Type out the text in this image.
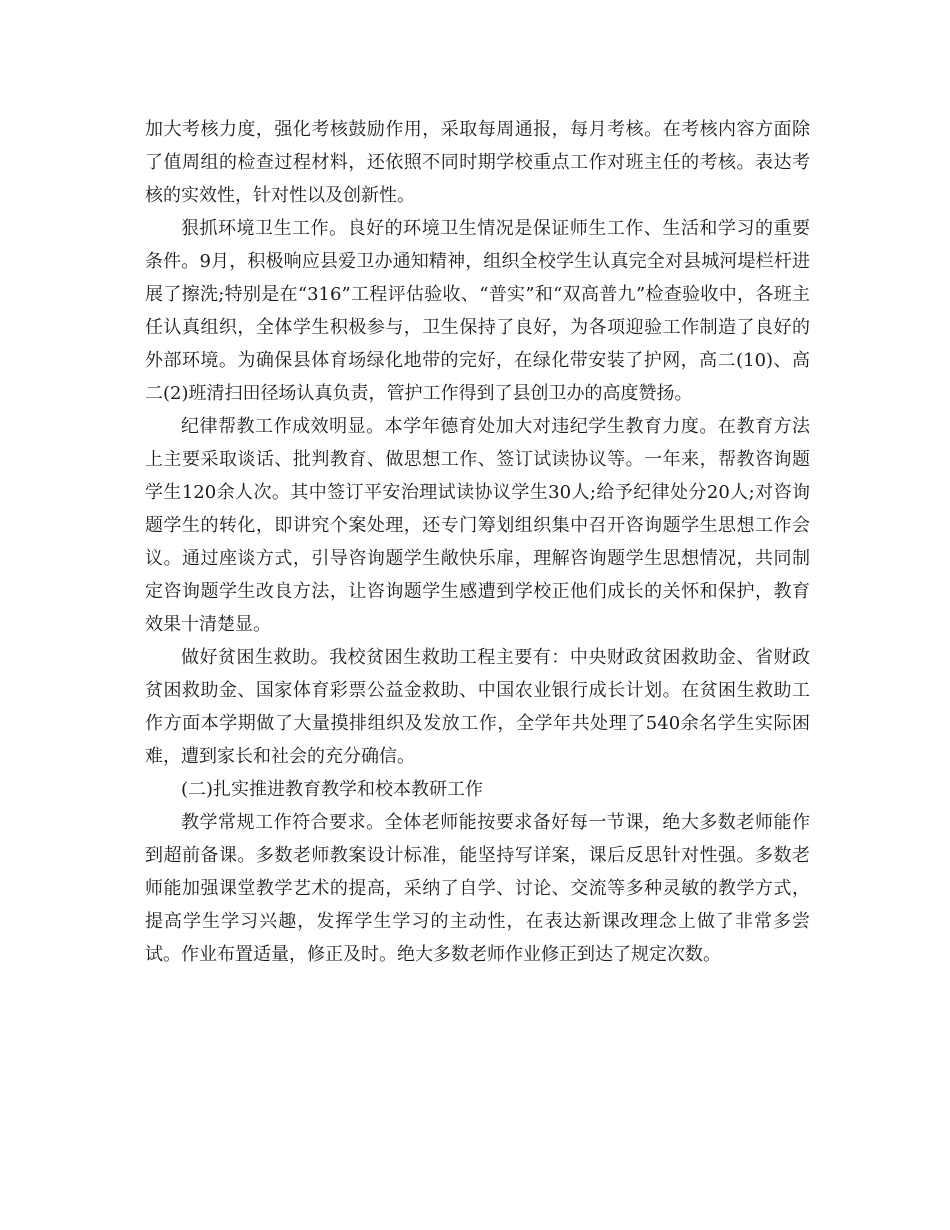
加大考核力度，强化考核鼓励作用，采取每周通报，每月考核。在考核内容方面除了值周组的检查过程材料，还依照不同时期学校重点工作对班主任的考核。表达考核的实效性，针对性以及创新性。

狠抓环境卫生工作。良好的环境卫生情况是保证师生工作、生活和学习的重要条件。9月，积极响应县爱卫办通知精神，组织全校学生认真完全对县城河堤栏杆进展了擦洗;特别是在“316”工程评估验收、“普实”和“双高普九”检查验收中，各班主任认真组织，全体学生积极参与，卫生保持了良好，为各项迎验工作制造了良好的外部环境。为确保县体育场绿化地带的完好，在绿化带安装了护网，高二(10)、高二(2)班清扫田径场认真负责，管护工作得到了县创卫办的高度赞扬。

纪律帮教工作成效明显。本学年德育处加大对违纪学生教育力度。在教育方法上主要采取谈话、批判教育、做思想工作、签订试读协议等。一年来，帮教咨询题学生120余人次。其中签订平安治理试读协议学生30人;给予纪律处分20人;对咨询题学生的转化，即讲究个案处理，还专门筹划组织集中召开咨询题学生思想工作会议。通过座谈方式，引导咨询题学生敞快乐扉，理解咨询题学生思想情况，共同制定咨询题学生改良方法，让咨询题学生感遭到学校正他们成长的关怀和保护，教育效果十清楚显。

做好贫困生救助。我校贫困生救助工程主要有：中央财政贫困救助金、省财政贫困救助金、国家体育彩票公益金救助、中国农业银行成长计划。在贫困生救助工作方面本学期做了大量摸排组织及发放工作，全学年共处理了540余名学生实际困难，遭到家长和社会的充分确信。

(二)扎实推进教育教学和校本教研工作

教学常规工作符合要求。全体老师能按要求备好每一节课，绝大多数老师能作到超前备课。多数老师教案设计标准，能坚持写详案，课后反思针对性强。多数老师能加强课堂教学艺术的提高，采纳了自学、讨论、交流等多种灵敏的教学方式，提高学生学习兴趣，发挥学生学习的主动性，在表达新课改理念上做了非常多尝试。作业布置适量，修正及时。绝大多数老师作业修正到达了规定次数。
